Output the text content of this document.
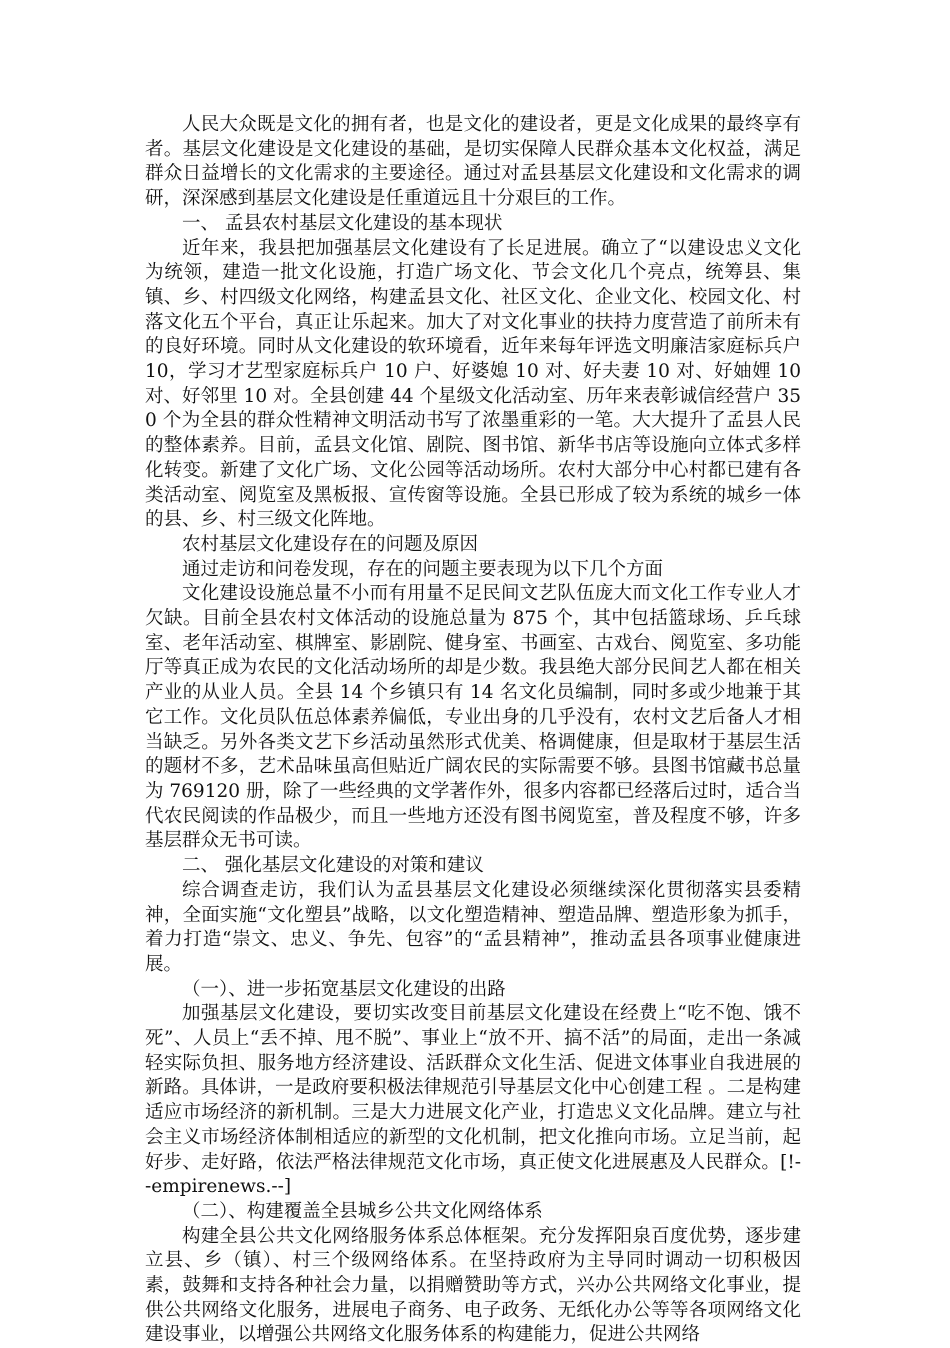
人民大众既是文化的拥有者，也是文化的建设者，更是文化成果的最终享有者。基层文化建设是文化建设的基础，是切实保障人民群众基本文化权益，满足群众日益增长的文化需求的主要途径。通过对孟县基层文化建设和文化需求的调研，深深感到基层文化建设是任重道远且十分艰巨的工作。

一、 孟县农村基层文化建设的基本现状

近年来，我县把加强基层文化建设有了长足进展。确立了“以建设忠义文化为统领，建造一批文化设施，打造广场文化、节会文化几个亮点，统筹县、集镇、乡、村四级文化网络，构建孟县文化、社区文化、企业文化、校园文化、村落文化五个平台，真正让乐起来。加大了对文化事业的扶持力度营造了前所未有的良好环境。同时从文化建设的软环境看，近年来每年评选文明廉洁家庭标兵户 10，学习才艺型家庭标兵户 10 户、好婆媳 10 对、好夫妻 10 对、好妯娌 10 对、好邻里 10 对。全县创建 44 个星级文化活动室、历年来表彰诚信经营户 350 个为全县的群众性精神文明活动书写了浓墨重彩的一笔。大大提升了孟县人民的整体素养。目前，孟县文化馆、剧院、图书馆、新华书店等设施向立体式多样化转变。新建了文化广场、文化公园等活动场所。农村大部分中心村都已建有各类活动室、阅览室及黑板报、宣传窗等设施。全县已形成了较为系统的城乡一体的县、乡、村三级文化阵地。

农村基层文化建设存在的问题及原因

通过走访和问卷发现，存在的问题主要表现为以下几个方面

文化建设设施总量不小而有用量不足民间文艺队伍庞大而文化工作专业人才欠缺。目前全县农村文体活动的设施总量为 875 个，其中包括篮球场、乒乓球室、老年活动室、棋牌室、影剧院、健身室、书画室、古戏台、阅览室、多功能厅等真正成为农民的文化活动场所的却是少数。我县绝大部分民间艺人都在相关产业的从业人员。全县 14 个乡镇只有 14 名文化员编制，同时多或少地兼于其它工作。文化员队伍总体素养偏低，专业出身的几乎没有，农村文艺后备人才相当缺乏。另外各类文艺下乡活动虽然形式优美、格调健康，但是取材于基层生活的题材不多，艺术品味虽高但贴近广阔农民的实际需要不够。县图书馆藏书总量为 769120 册，除了一些经典的文学著作外，很多内容都已经落后过时，适合当代农民阅读的作品极少，而且一些地方还没有图书阅览室，普及程度不够，许多基层群众无书可读。

二、 强化基层文化建设的对策和建议

综合调查走访，我们认为孟县基层文化建设必须继续深化贯彻落实县委精神，全面实施“文化塑县”战略，以文化塑造精神、塑造品牌、塑造形象为抓手，着力打造“崇文、忠义、争先、包容”的“孟县精神”，推动孟县各项事业健康进展。

（一）、进一步拓宽基层文化建设的出路

加强基层文化建设，要切实改变目前基层文化建设在经费上“吃不饱、饿不死”、人员上“丢不掉、甩不脱”、事业上“放不开、搞不活”的局面，走出一条减轻实际负担、服务地方经济建设、活跃群众文化生活、促进文体事业自我进展的新路。具体讲，一是政府要积极法律规范引导基层文化中心创建工程 。二是构建适应市场经济的新机制。三是大力进展文化产业，打造忠义文化品牌。建立与社会主义市场经济体制相适应的新型的文化机制，把文化推向市场。立足当前，起好步、走好路，依法严格法律规范文化市场，真正使文化进展惠及人民群众。[!--empirenews.--]

（二）、构建覆盖全县城乡公共文化网络体系

构建全县公共文化网络服务体系总体框架。充分发挥阳泉百度优势，逐步建立县、乡（镇）、村三个级网络体系。在坚持政府为主导同时调动一切积极因素，鼓舞和支持各种社会力量，以捐赠赞助等方式，兴办公共网络文化事业，提供公共网络文化服务，进展电子商务、电子政务、无纸化办公等等各项网络文化建设事业，以增强公共网络文化服务体系的构建能力，促进公共网络
